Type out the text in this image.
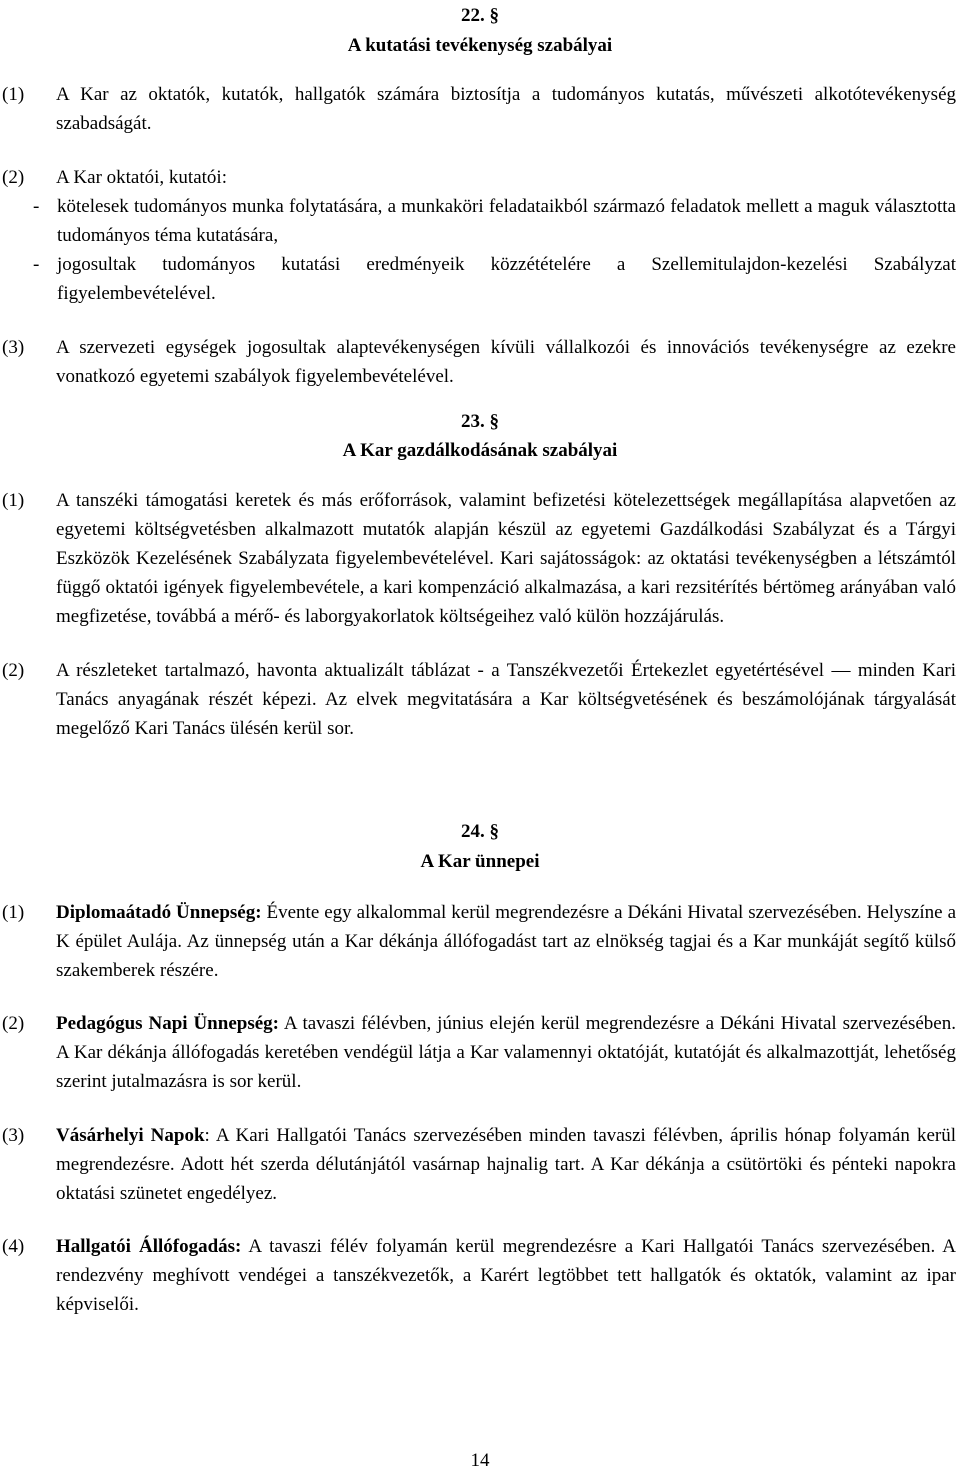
22. §
A kutatási tevékenység szabályai
(1) A Kar az oktatók, kutatók, hallgatók számára biztosítja a tudományos kutatás, művészeti alkotótevékenység szabadságát.

(2) A Kar oktatói, kutatói:

- kötelesek tudományos munka folytatására, a munkaköri feladataikból származó feladatok mellett a maguk választotta tudományos téma kutatására,
- jogosultak tudományos kutatási eredményeik közzétételére a Szellemitulajdon-kezelési Szabályzat figyelembevételével.
(3) A szervezeti egységek jogosultak alaptevékenységen kívüli vállalkozói és innovációs tevékenységre az ezekre vonatkozó egyetemi szabályok figyelembevételével.

23. §
A Kar gazdálkodásának szabályai
(1) A tanszéki támogatási keretek és más erőforrások, valamint befizetési kötelezettségek megállapítása alapvetően az egyetemi költségvetésben alkalmazott mutatók alapján készül az egyetemi Gazdálkodási Szabályzat és a Tárgyi Eszközök Kezelésének Szabályzata figyelembevételével. Kari sajátosságok: az oktatási tevékenységben a létszámtól függő oktatói igények figyelembevétele, a kari kompenzáció alkalmazása, a kari rezsitérítés bértömeg arányában való megfizetése, továbbá a mérő- és laborgyakorlatok költségeihez való külön hozzájárulás.

(2) A részleteket tartalmazó, havonta aktualizált táblázat - a Tanszékvezetői Értekezlet egyetértésével — minden Kari Tanács anyagának részét képezi. Az elvek megvitatására a Kar költségvetésének és beszámolójának tárgyalását megelőző Kari Tanács ülésén kerül sor.

24. §
A Kar ünnepei
(1) Diplomaátadó Ünnepség: Évente egy alkalommal kerül megrendezésre a Dékáni Hivatal szervezésében. Helyszíne a K épület Aulája. Az ünnepség után a Kar dékánja állófogadást tart az elnökség tagjai és a Kar munkáját segítő külső szakemberek részére.

(2) Pedagógus Napi Ünnepség: A tavaszi félévben, június elején kerül megrendezésre a Dékáni Hivatal szervezésében. A Kar dékánja állófogadás keretében vendégül látja a Kar valamennyi oktatóját, kutatóját és alkalmazottját, lehetőség szerint jutalmazásra is sor kerül.

(3) Vásárhelyi Napok: A Kari Hallgatói Tanács szervezésében minden tavaszi félévben, április hónap folyamán kerül megrendezésre. Adott hét szerda délutánjától vasárnap hajnalig tart. A Kar dékánja a csütörtöki és pénteki napokra oktatási szünetet engedélyez.

(4) Hallgatói Állófogadás: A tavaszi félév folyamán kerül megrendezésre a Kari Hallgatói Tanács szervezésében. A rendezvény meghívott vendégei a tanszékvezetők, a Karért legtöbbet tett hallgatók és oktatók, valamint az ipar képviselői.

14
